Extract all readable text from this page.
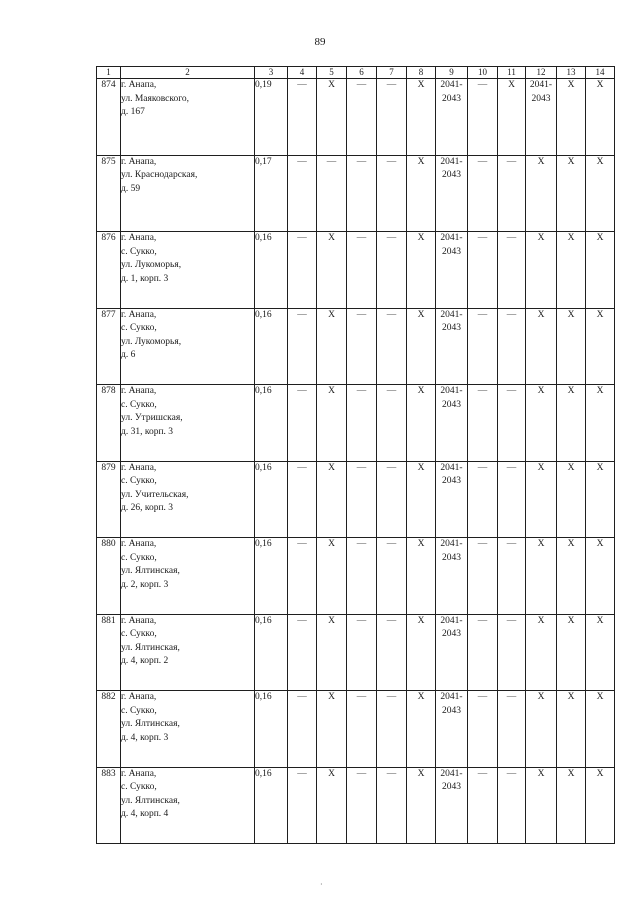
89
1	2	3	4	5	6	7	8	9	10	11	12	13	14
874	г. Анапа,
ул. Маяковского,
д. 167	0,19	—	X	—	—	X	2041-
2043	—	X	2041-
2043	X	X
875	г. Анапа,
ул. Краснодарская,
д. 59	0,17	—	—	—	—	X	2041-
2043	—	—	X	X	X
876	г. Анапа,
с. Сукко,
ул. Лукоморья,
д. 1, корп. 3	0,16	—	X	—	—	X	2041-
2043	—	—	X	X	X
877	г. Анапа,
с. Сукко,
ул. Лукоморья,
д. 6	0,16	—	X	—	—	X	2041-
2043	—	—	X	X	X
878	г. Анапа,
с. Сукко,
ул. Утришская,
д. 31, корп. 3	0,16	—	X	—	—	X	2041-
2043	—	—	X	X	X
879	г. Анапа,
с. Сукко,
ул. Учительская,
д. 26, корп. 3	0,16	—	X	—	—	X	2041-
2043	—	—	X	X	X
880	г. Анапа,
с. Сукко,
ул. Ялтинская,
д. 2, корп. 3	0,16	—	X	—	—	X	2041-
2043	—	—	X	X	X
881	г. Анапа,
с. Сукко,
ул. Ялтинская,
д. 4, корп. 2	0,16	—	X	—	—	X	2041-
2043	—	—	X	X	X
882	г. Анапа,
с. Сукко,
ул. Ялтинская,
д. 4, корп. 3	0,16	—	X	—	—	X	2041-
2043	—	—	X	X	X
883	г. Анапа,
с. Сукко,
ул. Ялтинская,
д. 4, корп. 4	0,16	—	X	—	—	X	2041-
2043	—	—	X	X	X
·
